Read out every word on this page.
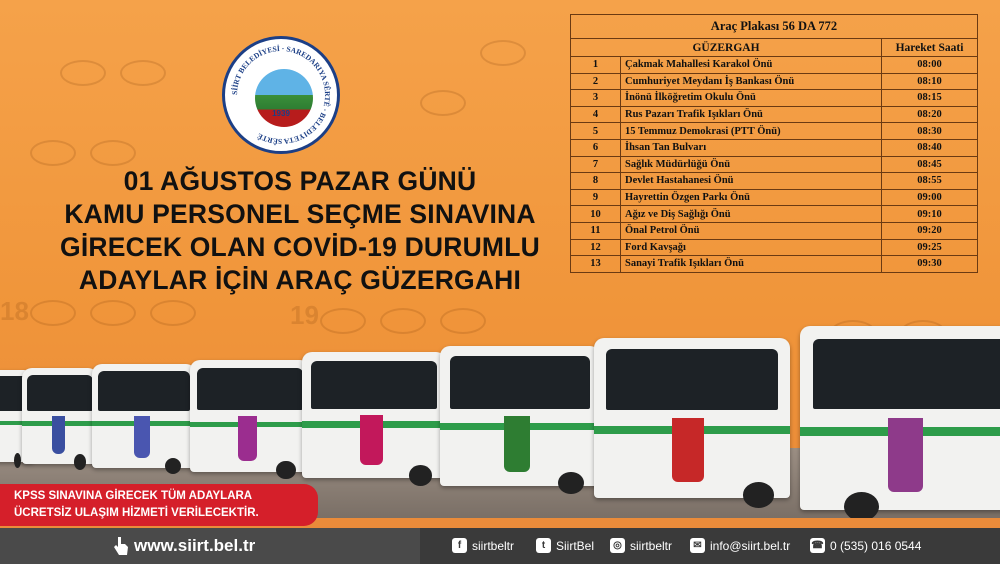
19
18
SİİRT BELEDİYESİ · SAREDARIYA SÊRTÊ · BELEDIYETA SÊRTÊ
1939
01 AĞUSTOS PAZAR GÜNÜ
KAMU PERSONEL SEÇME SINAVINA
GİRECEK OLAN COVİD-19 DURUMLU
ADAYLAR İÇİN ARAÇ GÜZERGAHI
Araç Plakası 56 DA 772		
GÜZERGAH		Hareket Saati
1	Çakmak Mahallesi Karakol Önü	08:00
2	Cumhuriyet Meydanı İş Bankası Önü	08:10
3	İnönü İlköğretim Okulu Önü	08:15
4	Rus Pazarı Trafik Işıkları Önü	08:20
5	15 Temmuz Demokrasi (PTT Önü)	08:30
6	İhsan Tan Bulvarı	08:40
7	Sağlık Müdürlüğü Önü	08:45
8	Devlet Hastahanesi Önü	08:55
9	Hayrettin Özgen Parkı Önü	09:00
10	Ağız ve Diş Sağlığı Önü	09:10
11	Önal Petrol Önü	09:20
12	Ford Kavşağı	09:25
13	Sanayi Trafik Işıkları Önü	09:30
KPSS SINAVINA GİRECEK TÜM ADAYLARA
ÜCRETSİZ ULAŞIM HİZMETİ VERİLECEKTİR.
www.siirt.bel.tr	f siirtbeltr	t SiirtBel	◎ siirtbeltr	✉ info@siirt.bel.tr ☎ 0 (535) 016 0544
